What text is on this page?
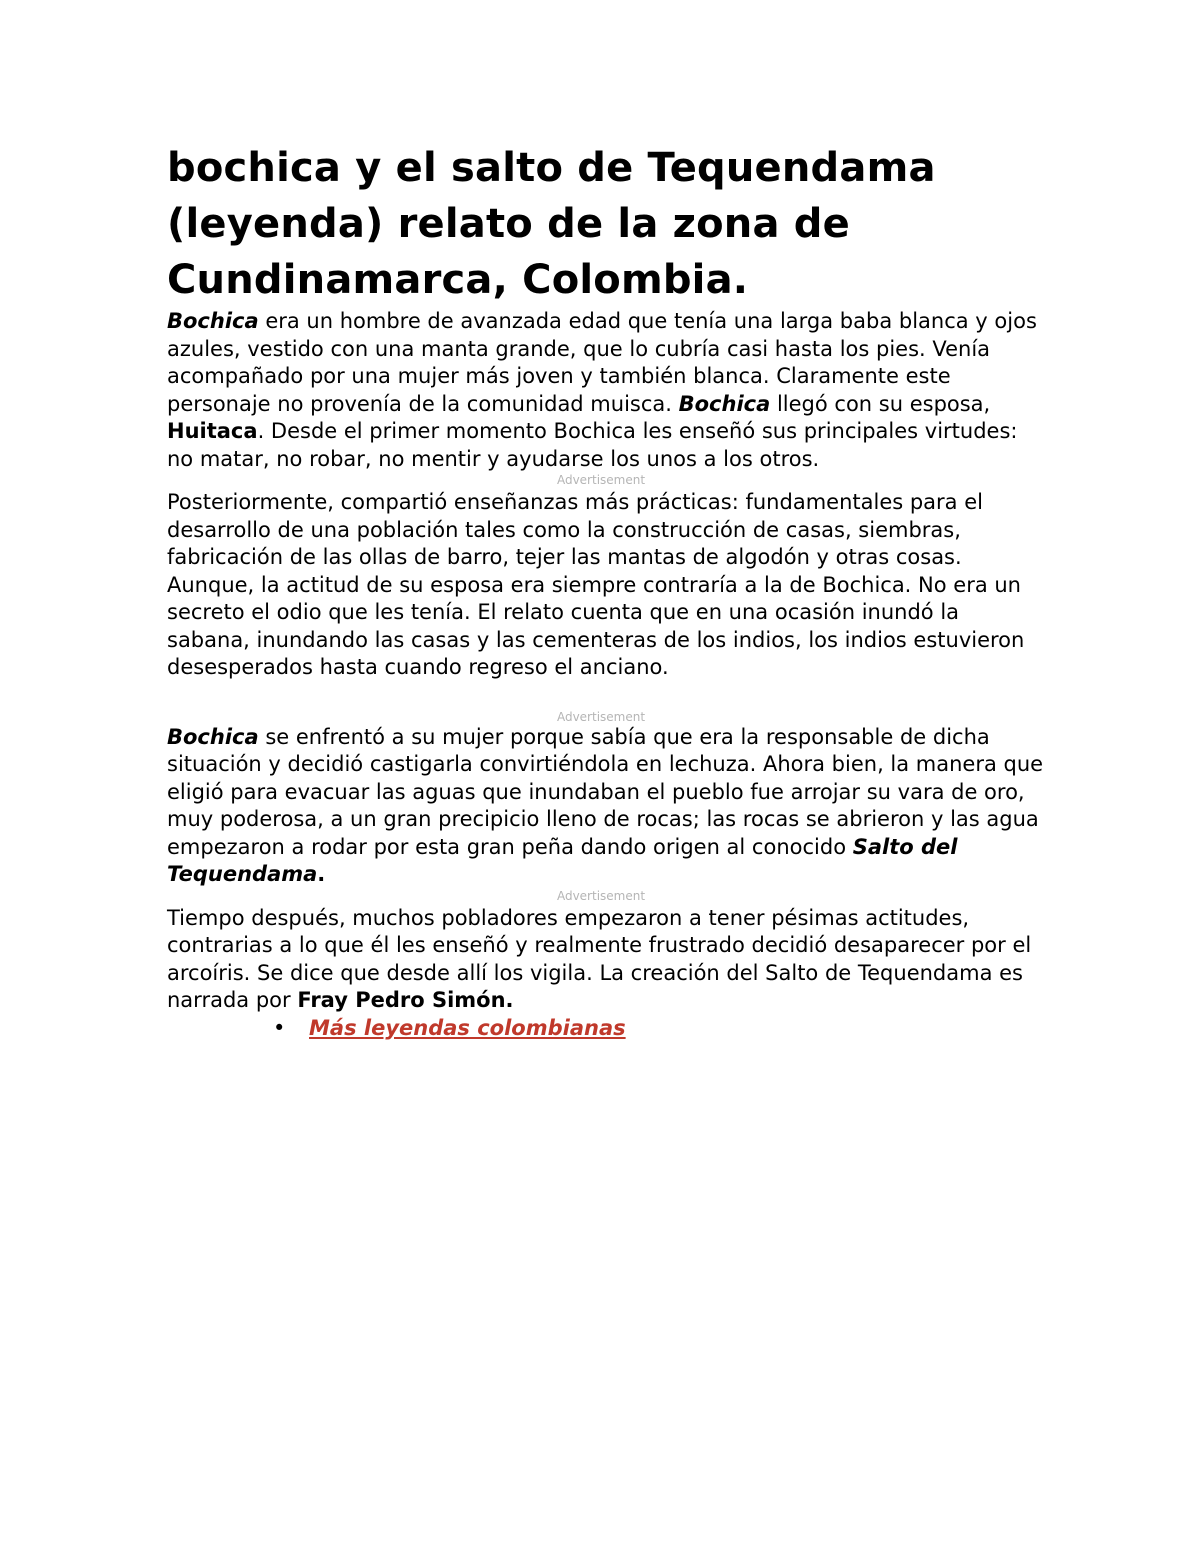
bochica y el salto de Tequendama (leyenda) relato de la zona de Cundinamarca, Colombia.

Bochica era un hombre de avanzada edad que tenía una larga baba blanca y ojos azules, vestido con una manta grande, que lo cubría casi hasta los pies. Venía acompañado por una mujer más joven y también blanca. Claramente este personaje no provenía de la comunidad muisca. Bochica llegó con su esposa, Huitaca. Desde el primer momento Bochica les enseñó sus principales virtudes: no matar, no robar, no mentir y ayudarse los unos a los otros.

Advertisement

Posteriormente, compartió enseñanzas más prácticas: fundamentales para el desarrollo de una población tales como la construcción de casas, siembras, fabricación de las ollas de barro, tejer las mantas de algodón y otras cosas. Aunque, la actitud de su esposa era siempre contraría a la de Bochica. No era un secreto el odio que les tenía. El relato cuenta que en una ocasión inundó la sabana, inundando las casas y las cementeras de los indios, los indios estuvieron desesperados hasta cuando regreso el anciano.

Advertisement

Bochica se enfrentó a su mujer porque sabía que era la responsable de dicha situación y decidió castigarla convirtiéndola en lechuza. Ahora bien, la manera que eligió para evacuar las aguas que inundaban el pueblo fue arrojar su vara de oro, muy poderosa, a un gran precipicio lleno de rocas; las rocas se abrieron y las agua empezaron a rodar por esta gran peña dando origen al conocido Salto del Tequendama.

Advertisement

Tiempo después, muchos pobladores empezaron a tener pésimas actitudes, contrarias a lo que él les enseñó y realmente frustrado decidió desaparecer por el arcoíris. Se dice que desde allí los vigila. La creación del Salto de Tequendama es narrada por Fray Pedro Simón.

• Más leyendas colombianas
